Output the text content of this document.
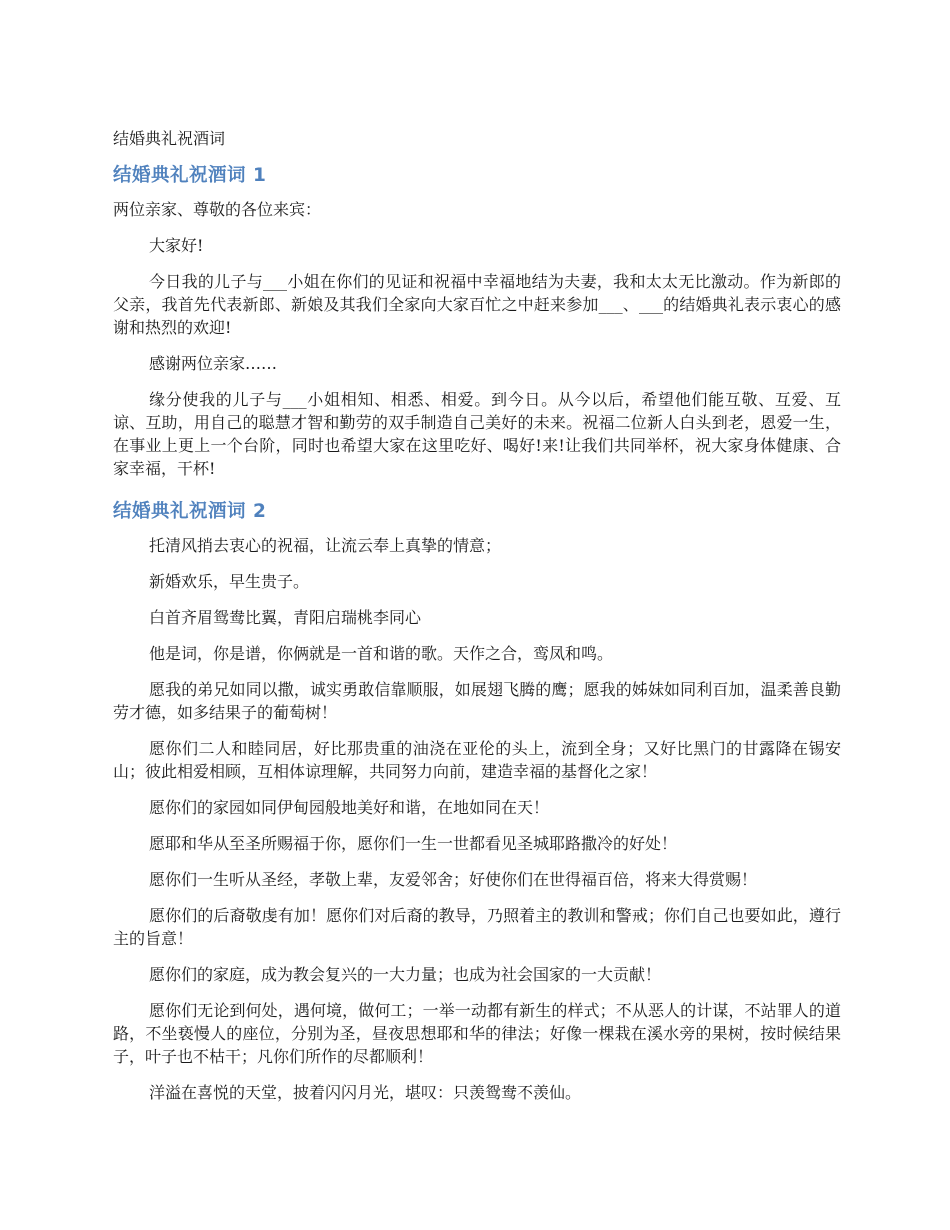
结婚典礼祝酒词
结婚典礼祝酒词 1

两位亲家、尊敬的各位来宾：

大家好!

今日我的儿子与___小姐在你们的见证和祝福中幸福地结为夫妻，我和太太无比激动。作为新郎的父亲，我首先代表新郎、新娘及其我们全家向大家百忙之中赶来参加___、___的结婚典礼表示衷心的感谢和热烈的欢迎!

感谢两位亲家……

缘分使我的儿子与___小姐相知、相悉、相爱。到今日。从今以后，希望他们能互敬、互爱、互谅、互助，用自己的聪慧才智和勤劳的双手制造自己美好的未来。祝福二位新人白头到老，恩爱一生，在事业上更上一个台阶，同时也希望大家在这里吃好、喝好!来!让我们共同举杯，祝大家身体健康、合家幸福，干杯!

结婚典礼祝酒词 2

托清风捎去衷心的祝福，让流云奉上真挚的情意；

新婚欢乐，早生贵子。

白首齐眉鸳鸯比翼，青阳启瑞桃李同心

他是词，你是谱，你俩就是一首和谐的歌。天作之合，鸾凤和鸣。

愿我的弟兄如同以撒，诚实勇敢信靠顺服，如展翅飞腾的鹰；愿我的姊妹如同利百加，温柔善良勤劳才德，如多结果子的葡萄树！

愿你们二人和睦同居，好比那贵重的油浇在亚伦的头上，流到全身；又好比黑门的甘露降在锡安山；彼此相爱相顾，互相体谅理解，共同努力向前，建造幸福的基督化之家！

愿你们的家园如同伊甸园般地美好和谐，在地如同在天！

愿耶和华从至圣所赐福于你，愿你们一生一世都看见圣城耶路撒冷的好处！

愿你们一生听从圣经，孝敬上辈，友爱邻舍；好使你们在世得福百倍，将来大得赏赐！

愿你们的后裔敬虔有加！愿你们对后裔的教导，乃照着主的教训和警戒；你们自己也要如此，遵行主的旨意！

愿你们的家庭，成为教会复兴的一大力量；也成为社会国家的一大贡献！

愿你们无论到何处，遇何境，做何工；一举一动都有新生的样式；不从恶人的计谋，不站罪人的道路，不坐亵慢人的座位，分别为圣，昼夜思想耶和华的律法；好像一棵栽在溪水旁的果树，按时候结果子，叶子也不枯干；凡你们所作的尽都顺利！

洋溢在喜悦的天堂，披着闪闪月光，堪叹：只羡鸳鸯不羡仙。
